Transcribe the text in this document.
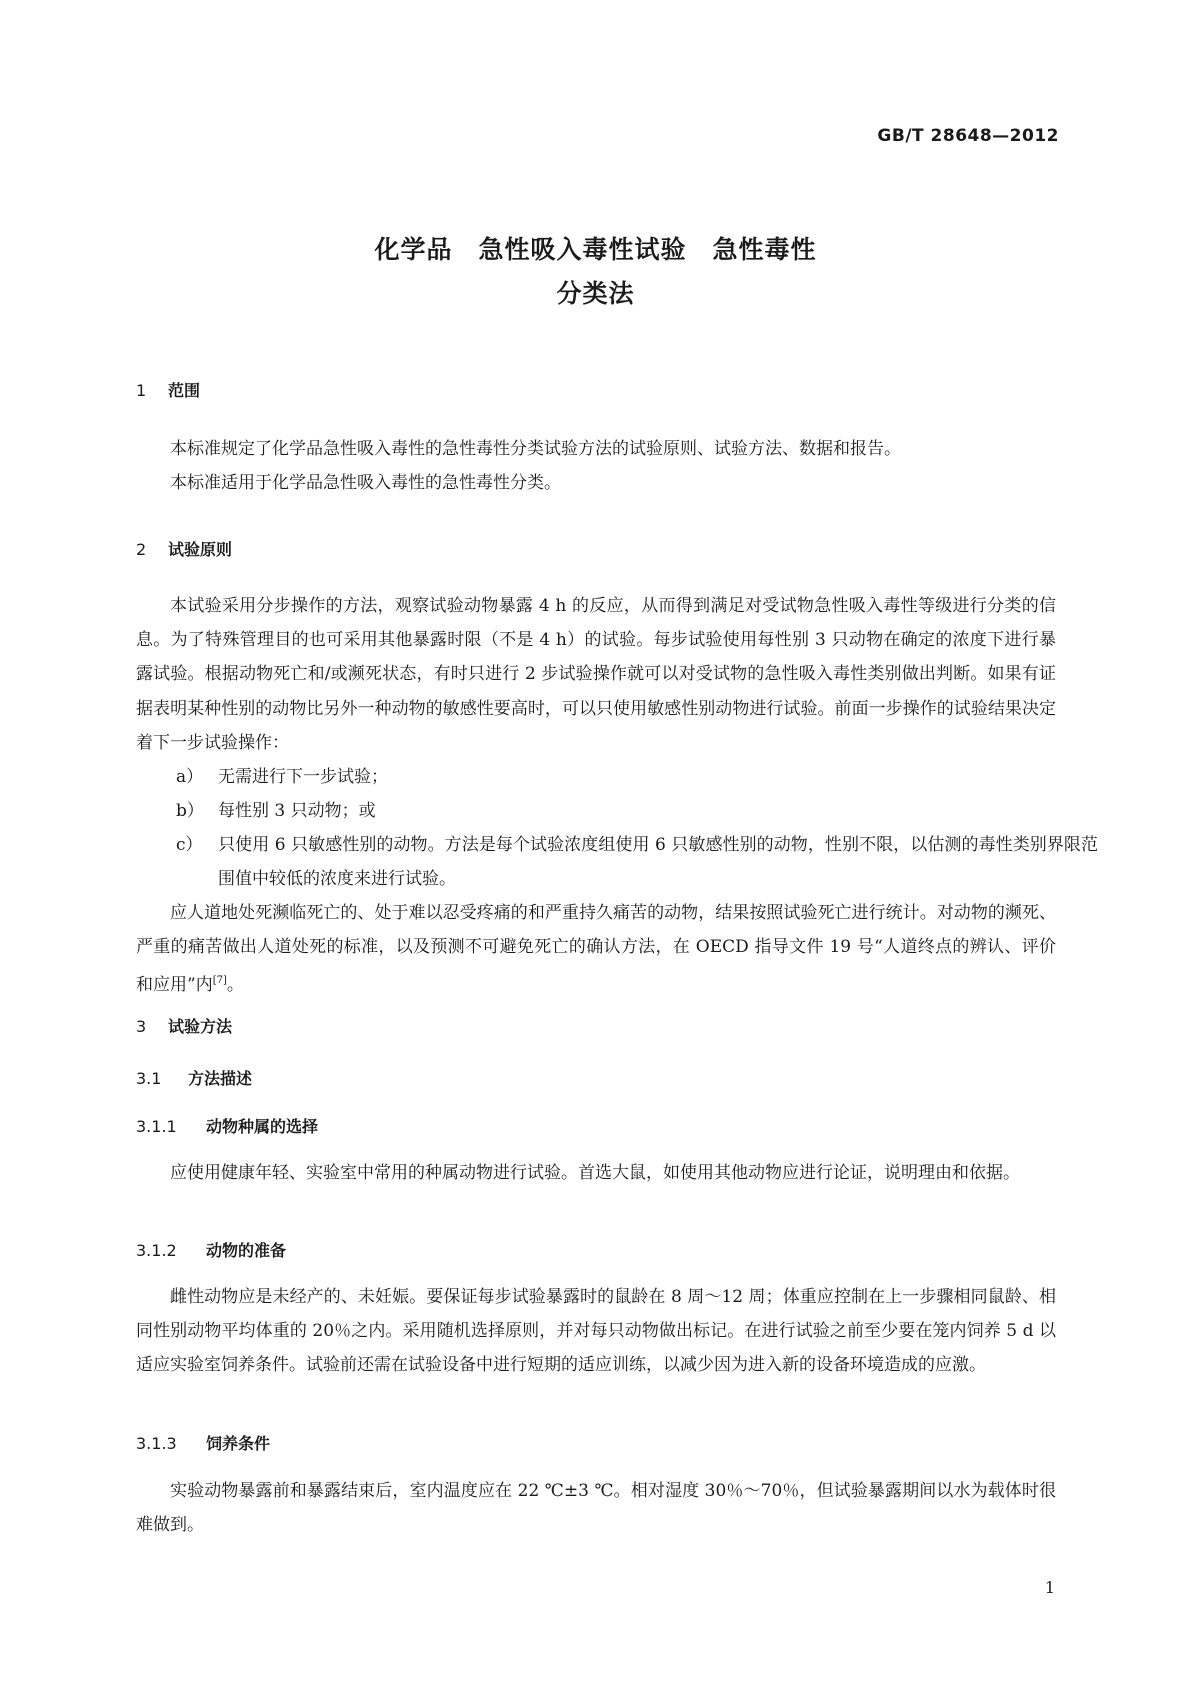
GB/T 28648—2012
化学品　急性吸入毒性试验　急性毒性
分类法
1 范围

本标准规定了化学品急性吸入毒性的急性毒性分类试验方法的试验原则、试验方法、数据和报告。

本标准适用于化学品急性吸入毒性的急性毒性分类。

2 试验原则

本试验采用分步操作的方法，观察试验动物暴露 4 h 的反应，从而得到满足对受试物急性吸入毒性等级进行分类的信息。为了特殊管理目的也可采用其他暴露时限（不是 4 h）的试验。每步试验使用每性别 3 只动物在确定的浓度下进行暴露试验。根据动物死亡和/或濒死状态，有时只进行 2 步试验操作就可以对受试物的急性吸入毒性类别做出判断。如果有证据表明某种性别的动物比另外一种动物的敏感性要高时，可以只使用敏感性别动物进行试验。前面一步操作的试验结果决定着下一步试验操作：

a） 无需进行下一步试验；

b） 每性别 3 只动物；或

c） 只使用 6 只敏感性别的动物。方法是每个试验浓度组使用 6 只敏感性别的动物，性别不限，以估测的毒性类别界限范围值中较低的浓度来进行试验。

应人道地处死濒临死亡的、处于难以忍受疼痛的和严重持久痛苦的动物，结果按照试验死亡进行统计。对动物的濒死、严重的痛苦做出人道处死的标准，以及预测不可避免死亡的确认方法，在 OECD 指导文件 19 号“人道终点的辨认、评价和应用”内[7]。

3 试验方法
3.1 方法描述
3.1.1 动物种属的选择

应使用健康年轻、实验室中常用的种属动物进行试验。首选大鼠，如使用其他动物应进行论证，说明理由和依据。

3.1.2 动物的准备

雌性动物应是未经产的、未妊娠。要保证每步试验暴露时的鼠龄在 8 周～12 周；体重应控制在上一步骤相同鼠龄、相同性别动物平均体重的 20％之内。采用随机选择原则，并对每只动物做出标记。在进行试验之前至少要在笼内饲养 5 d 以适应实验室饲养条件。试验前还需在试验设备中进行短期的适应训练，以减少因为进入新的设备环境造成的应激。

3.1.3 饲养条件

实验动物暴露前和暴露结束后，室内温度应在 22 ℃±3 ℃。相对湿度 30％～70％，但试验暴露期间以水为载体时很难做到。

1
